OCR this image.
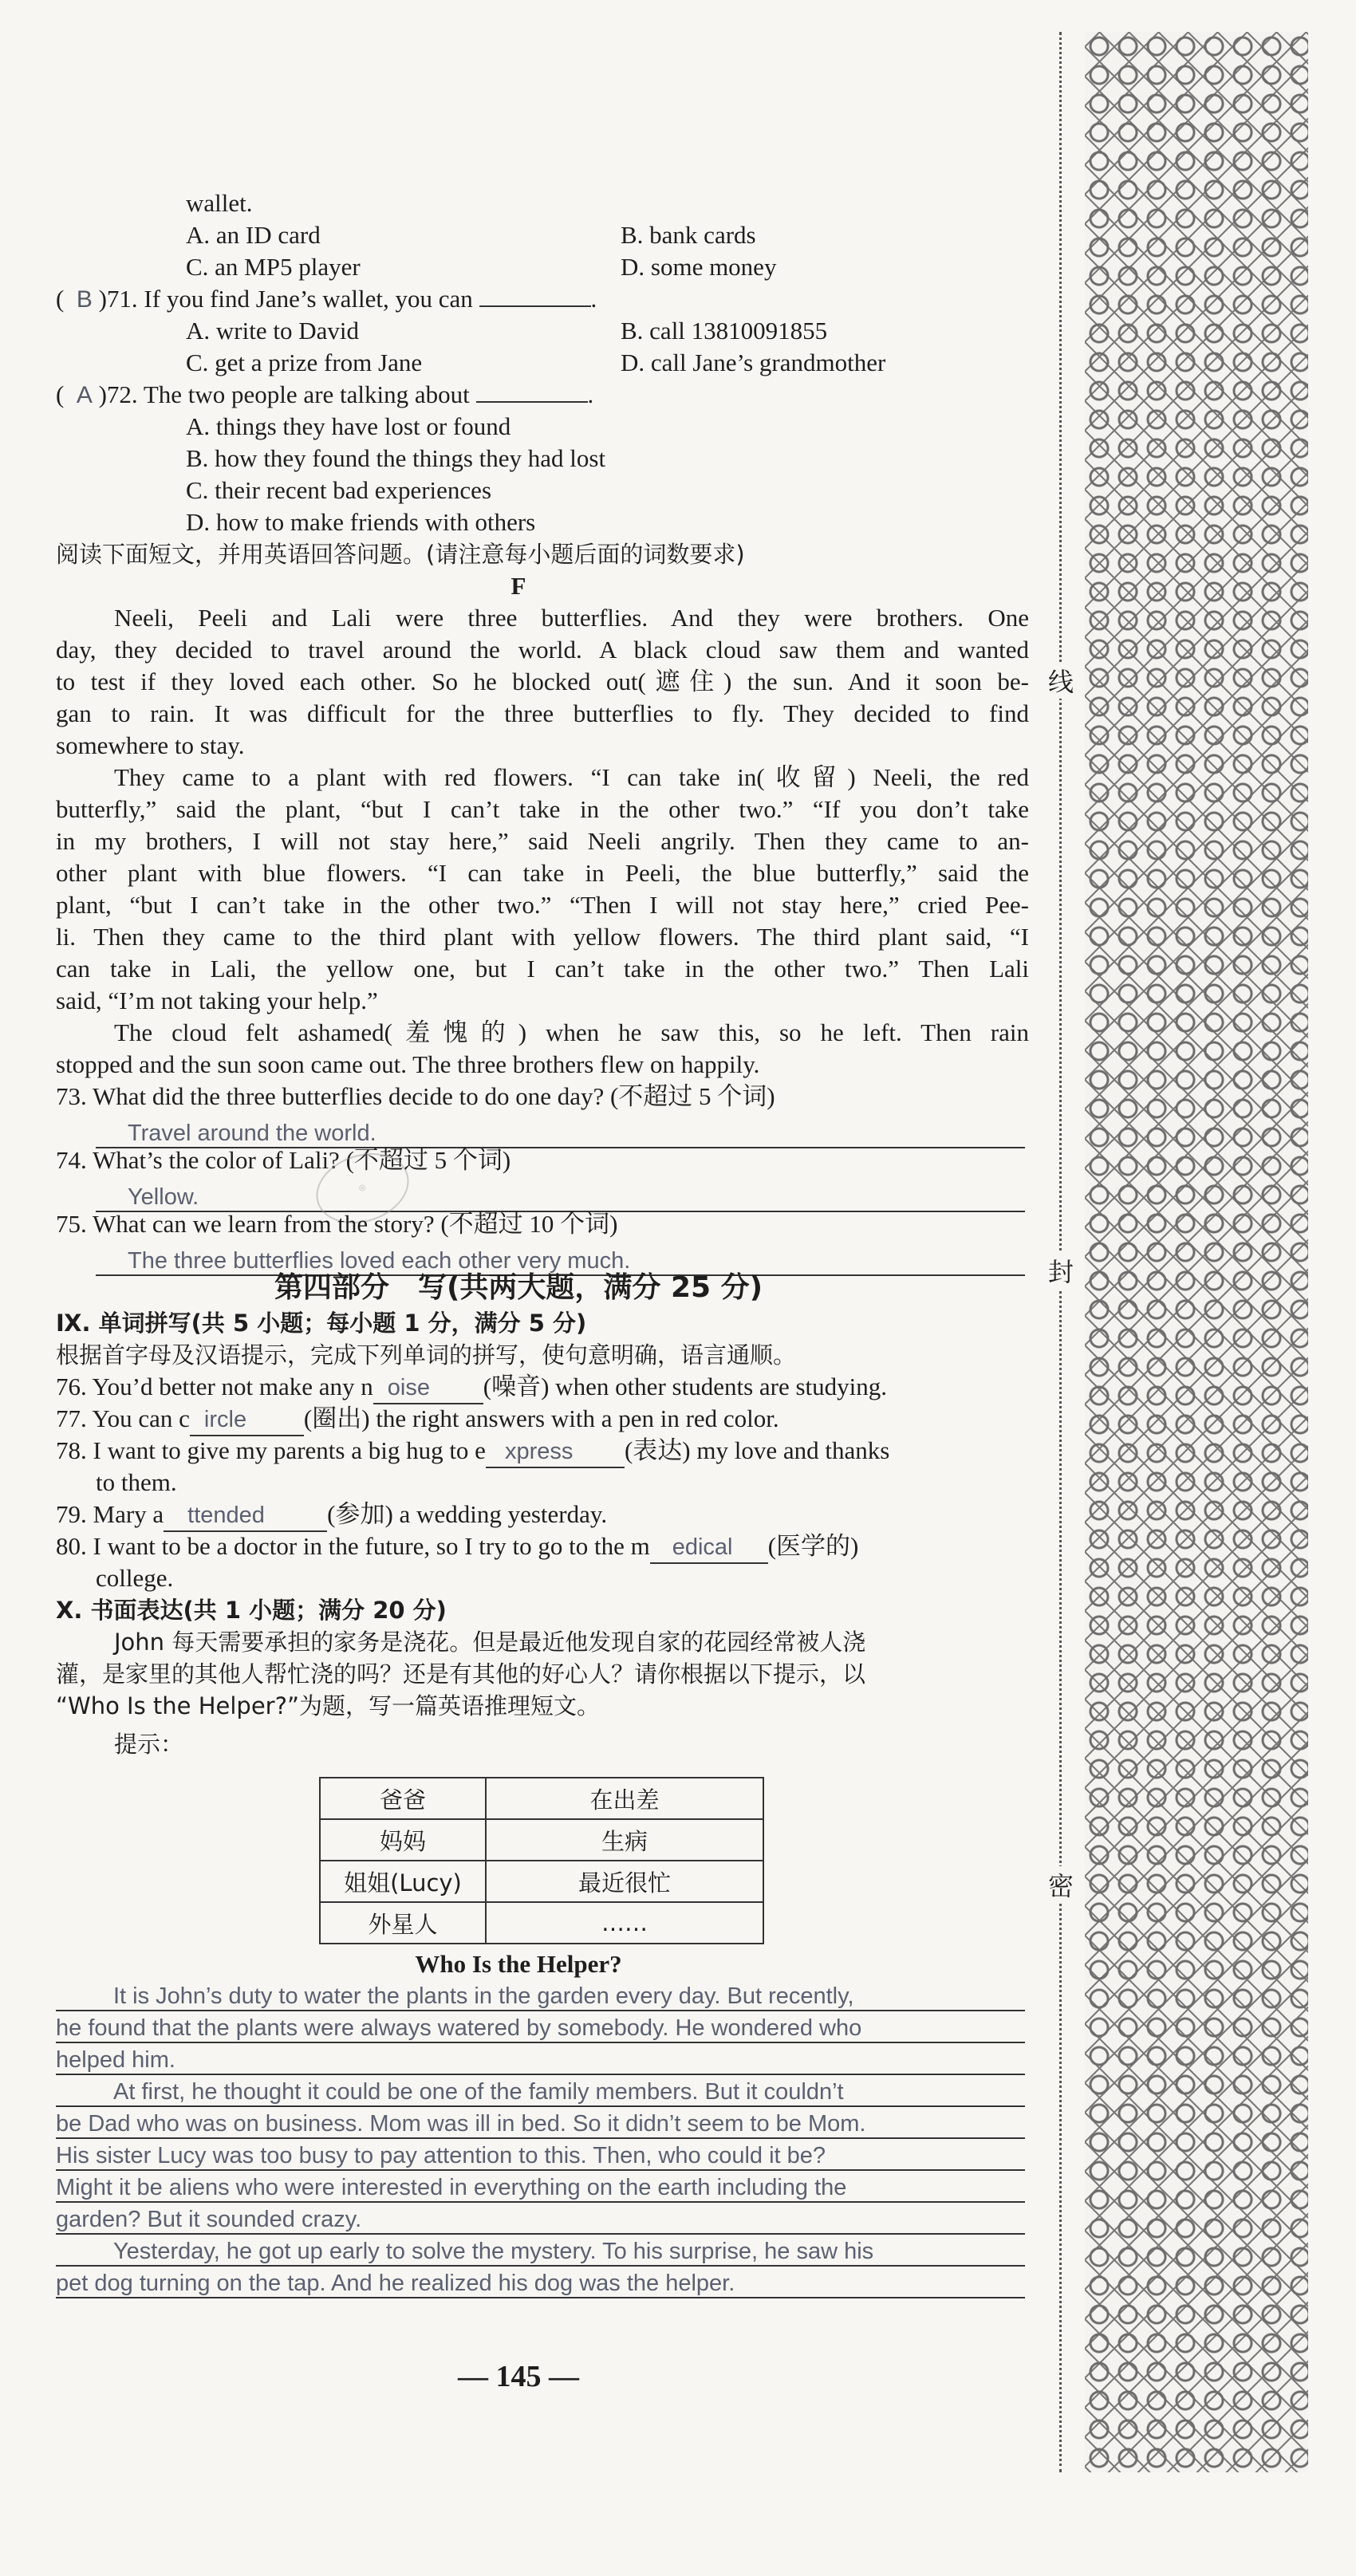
wallet.
A. an ID card	B. bank cards
C. an MP5 player	D. some money
(  B )71. If you find Jane’s wallet, you can	.
A. write to David	B. call 13810091855
C. get a prize from Jane	D. call Jane’s grandmother
(  A )72. The two people are talking about	.
A. things they have lost or found
B. how they found the things they had lost
C. their recent bad experiences
D. how to make friends with others
阅读下面短文，并用英语回答问题。(请注意每小题后面的词数要求)
F
Neeli, Peeli and Lali were three butterflies. And they were brothers. One
day, they decided to travel around the world. A black cloud saw them and wanted
to test if they loved each other. So he blocked out(遮住) the sun. And it soon be-
gan to rain. It was difficult for the three butterflies to fly. They decided to find
somewhere to stay.
They came to a plant with red flowers. “I can take in(收留) Neeli, the red
butterfly,” said the plant, “but I can’t take in the other two.” “If you don’t take
in my brothers, I will not stay here,” said Neeli angrily. Then they came to an-
other plant with blue flowers. “I can take in Peeli, the blue butterfly,” said the
plant, “but I can’t take in the other two.” “Then I will not stay here,” cried Pee-
li. Then they came to the third plant with yellow flowers. The third plant said, “I
can take in Lali, the yellow one, but I can’t take in the other two.” Then Lali
said, “I’m not taking your help.”
The cloud felt ashamed(羞愧的) when he saw this, so he left. Then rain
stopped and the sun soon came out. The three brothers flew on happily.
73. What did the three butterflies decide to do one day? (不超过 5 个词)
Travel around the world.
74. What’s the color of Lali? (不超过 5 个词)
Yellow.	◎
75. What can we learn from the story? (不超过 10 个词)
The three butterflies loved each other very much.
第四部分　写(共两大题，满分 25 分)
Ⅸ. 单词拼写(共 5 小题；每小题 1 分，满分 5 分)
根据首字母及汉语提示，完成下列单词的拼写，使句意明确，语言通顺。
76. You’d better not make any n oise (噪音) when other students are studying.
77. You can c ircle (圈出) the right answers with a pen in red color.
78. I want to give my parents a big hug to e xpress (表达) my love and thanks
to them.
79. Mary a ttended	(参加) a wedding yesterday.
80. I want to be a doctor in the future, so I try to go to the m edical (医学的)
college.
Ⅹ. 书面表达(共 1 小题；满分 20 分)
John 每天需要承担的家务是浇花。但是最近他发现自家的花园经常被人浇
灌，是家里的其他人帮忙浇的吗？还是有其他的好心人？请你根据以下提示，以
“Who Is the Helper?”为题，写一篇英语推理短文。
提示：
爸爸	在出差
妈妈	生病
姐姐(Lucy)	最近很忙
外星人	……
Who Is the Helper?
It is John’s duty to water the plants in the garden every day. But recently,
he found that the plants were always watered by somebody. He wondered who
helped him.
At first, he thought it could be one of the family members. But it couldn’t
be Dad who was on business. Mom was ill in bed. So it didn’t seem to be Mom.
His sister Lucy was too busy to pay attention to this. Then, who could it be?
Might it be aliens who were interested in everything on the earth including the
garden? But it sounded crazy.
Yesterday, he got up early to solve the mystery. To his surprise, he saw his
pet dog turning on the tap. And he realized his dog was the helper.
— 145 —
线
封
密
